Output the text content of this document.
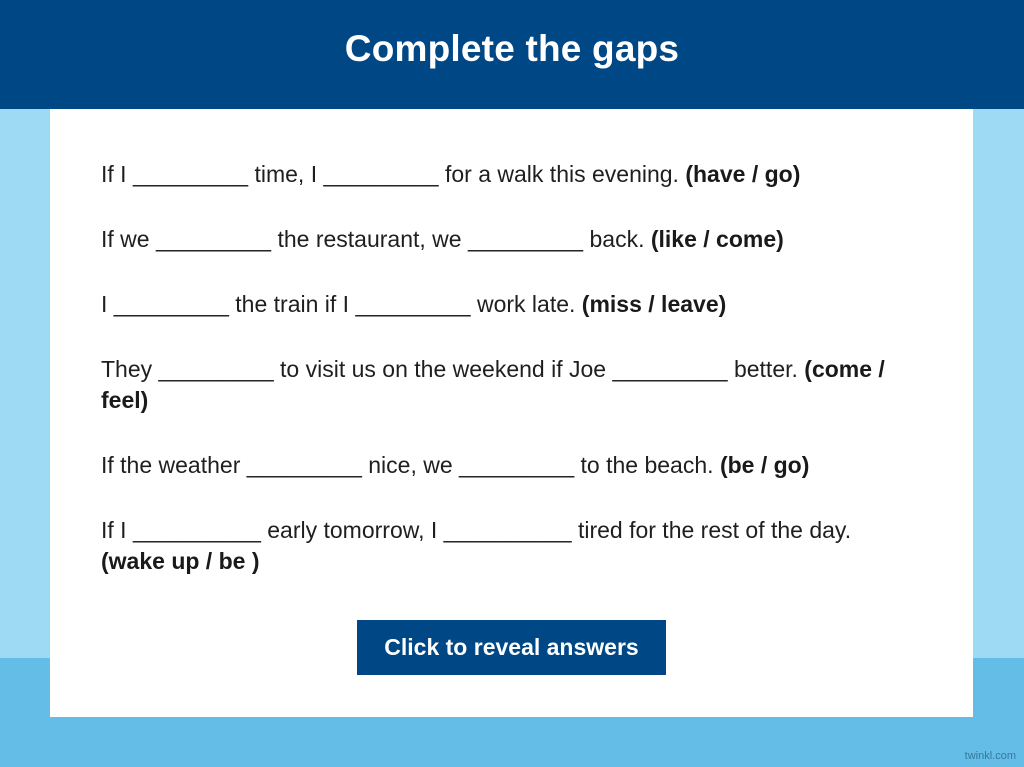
Complete the gaps

If I _________ time, I _________ for a walk this evening. (have / go)

If we _________ the restaurant, we _________ back. (like / come)

I _________ the train if I _________ work late. (miss / leave)

They _________ to visit us on the weekend if Joe _________ better. (come / feel)

If the weather _________ nice, we _________ to the beach. (be / go)

If I __________ early tomorrow, I __________ tired for the rest of the day. (wake up / be )

Click to reveal answers
twinkl.com
